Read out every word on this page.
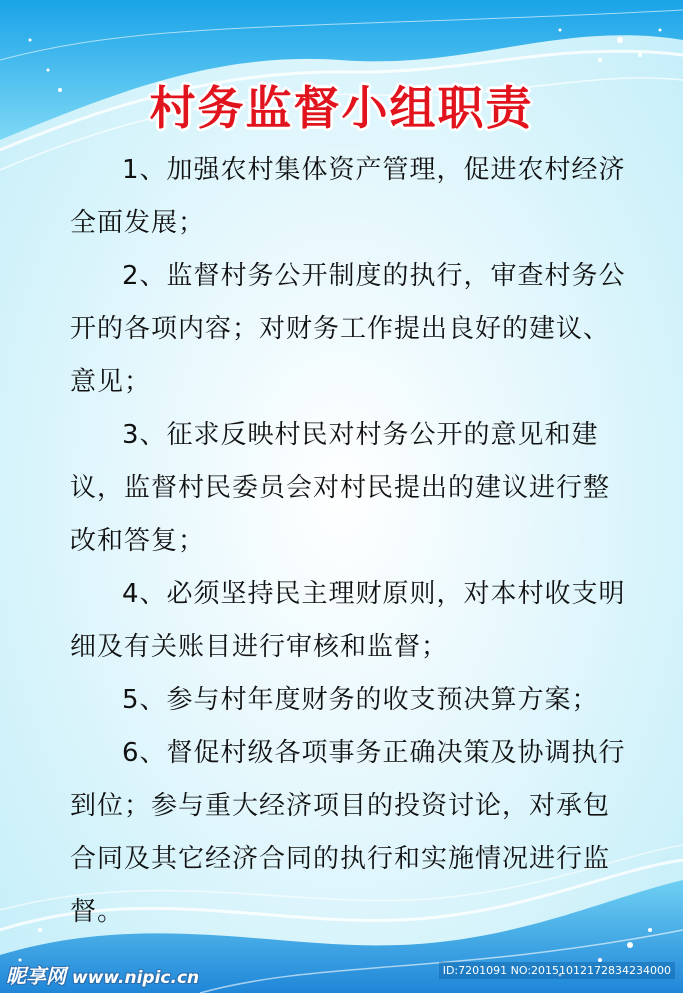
村务监督小组职责

1、加强农村集体资产管理，促进农村经济全面发展；

2、监督村务公开制度的执行，审查村务公开的各项内容；对财务工作提出良好的建议、意见；

3、征求反映村民对村务公开的意见和建议，监督村民委员会对村民提出的建议进行整改和答复；

4、必须坚持民主理财原则，对本村收支明细及有关账目进行审核和监督；

5、参与村年度财务的收支预决算方案；

6、督促村级各项事务正确决策及协调执行到位；参与重大经济项目的投资讨论，对承包合同及其它经济合同的执行和实施情况进行监督。

昵享网 www.nipic.cn	ID:7201091 NO:20151012172834234000
